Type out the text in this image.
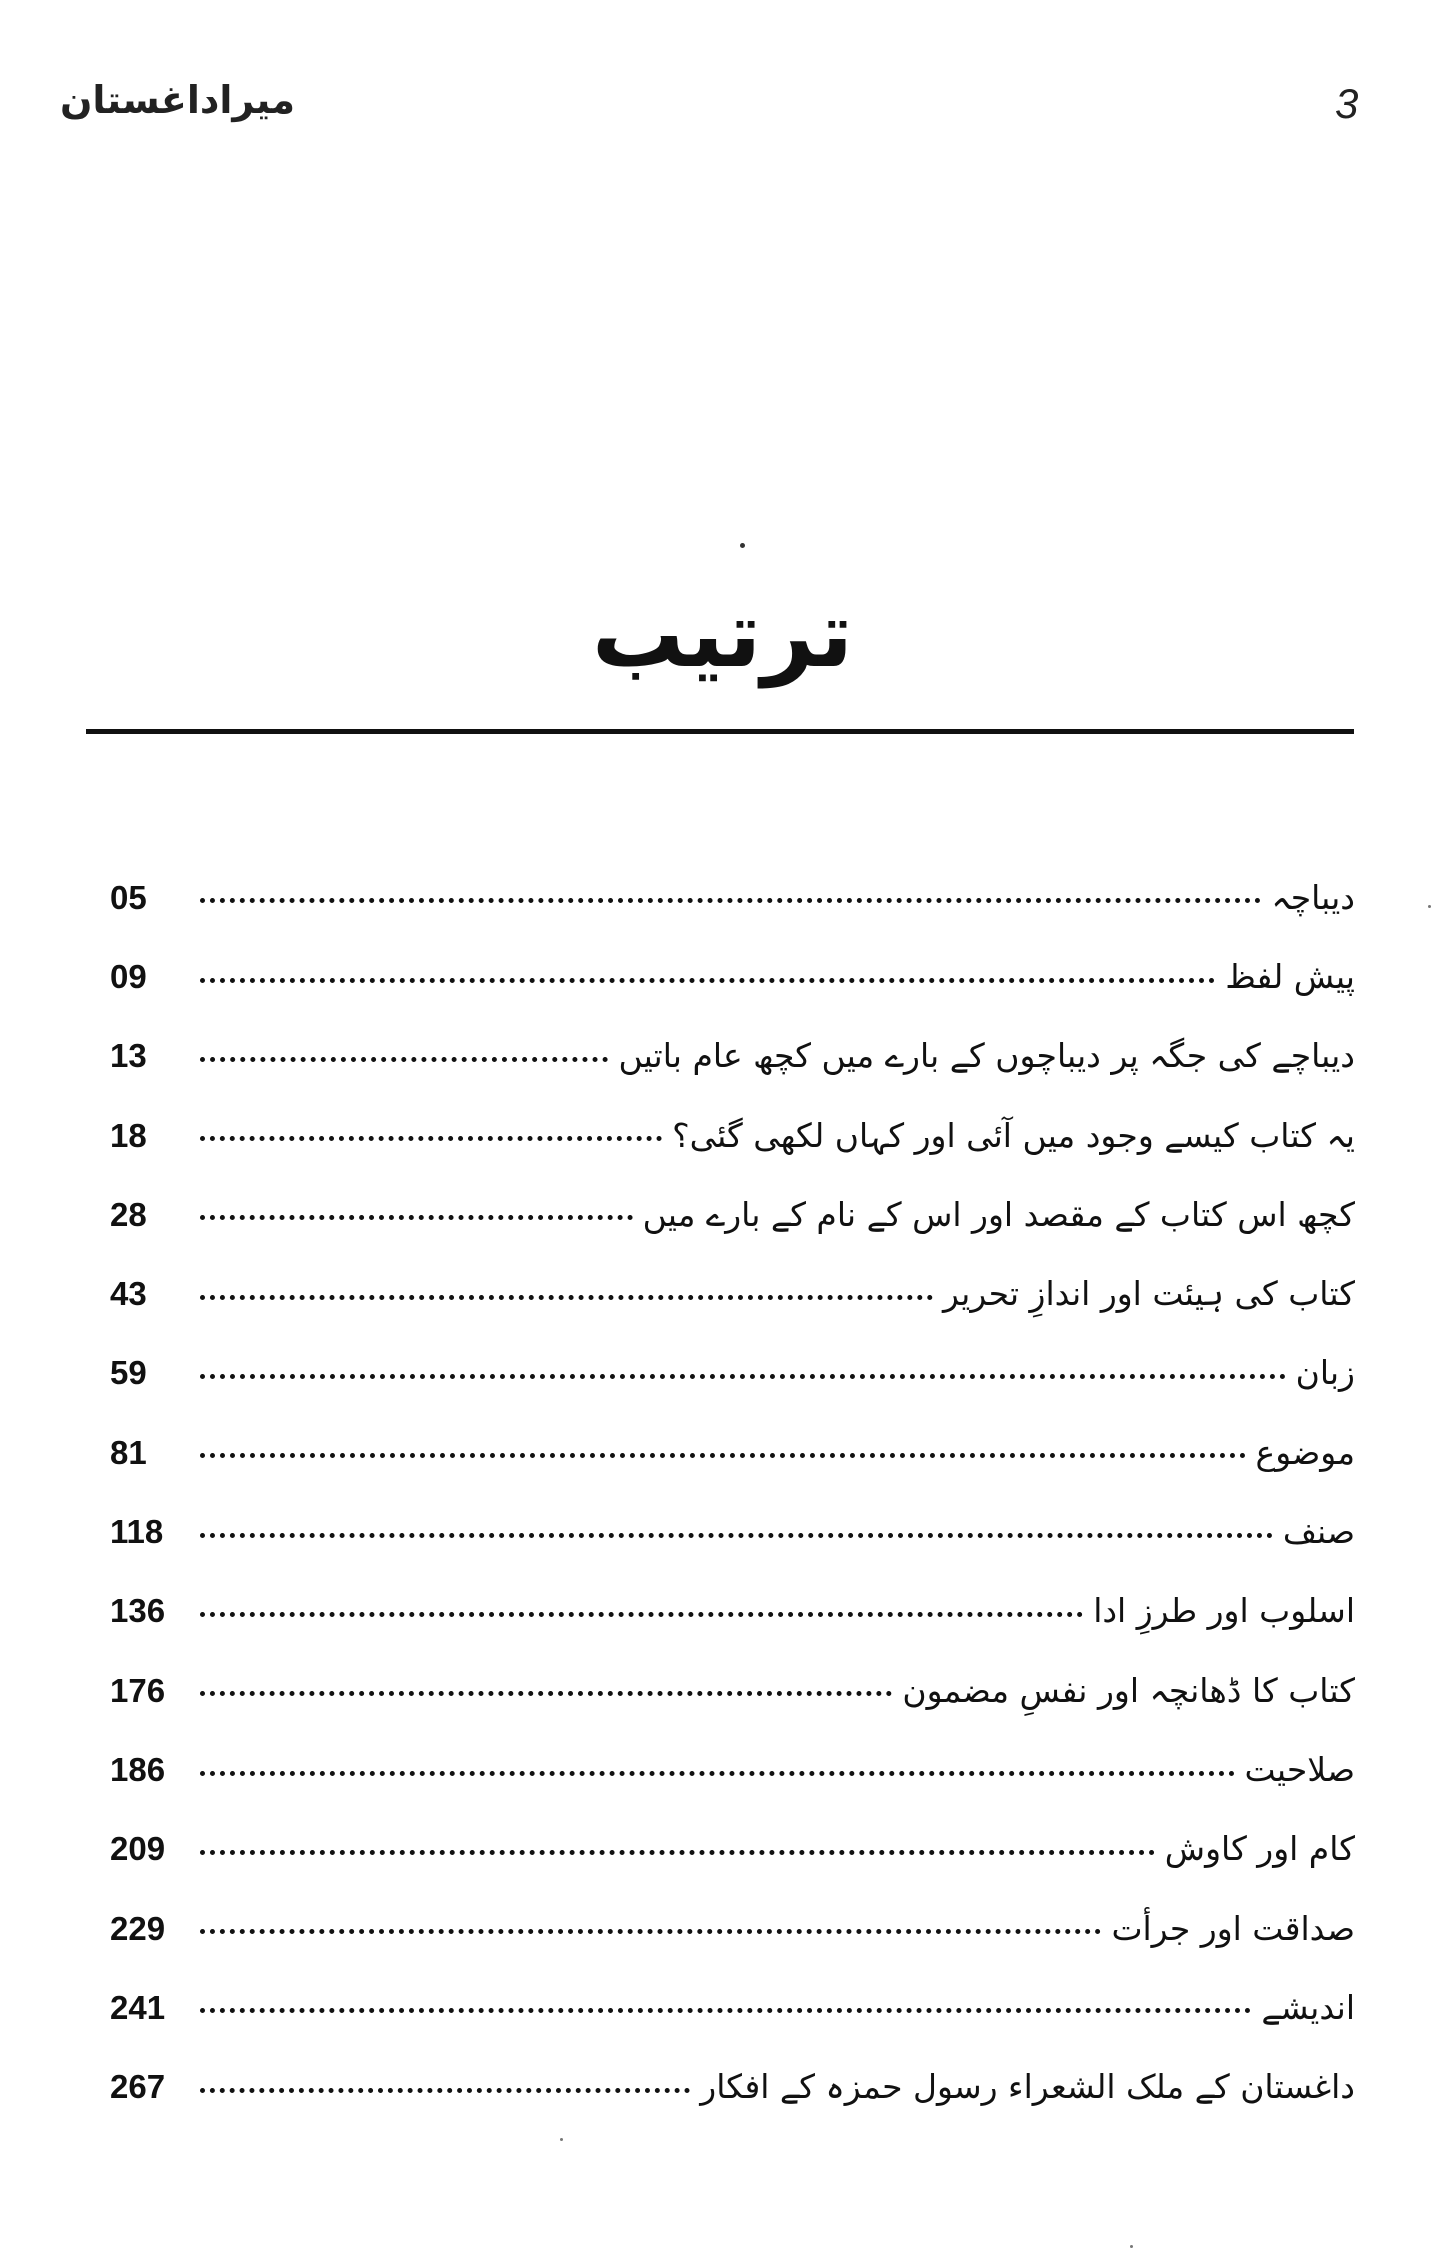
3
میراداغستان
ترتیب
دیباچہ
05
پیش لفظ
09
دیباچے کی جگہ پر دیباچوں کے بارے میں کچھ عام باتیں
13
یہ کتاب کیسے وجود میں آئی اور کہاں لکھی گئی؟
18
کچھ اس کتاب کے مقصد اور اس کے نام کے بارے میں
28
کتاب کی ہیئت اور اندازِ تحریر
43
زبان
59
موضوع
81
صنف
118
اسلوب اور طرزِ ادا
136
کتاب کا ڈھانچہ اور نفسِ مضمون
176
صلاحیت
186
کام اور کاوش
209
صداقت اور جرأت
229
اندیشے
241
داغستان کے ملک الشعراء رسول حمزہ کے افکار
267
